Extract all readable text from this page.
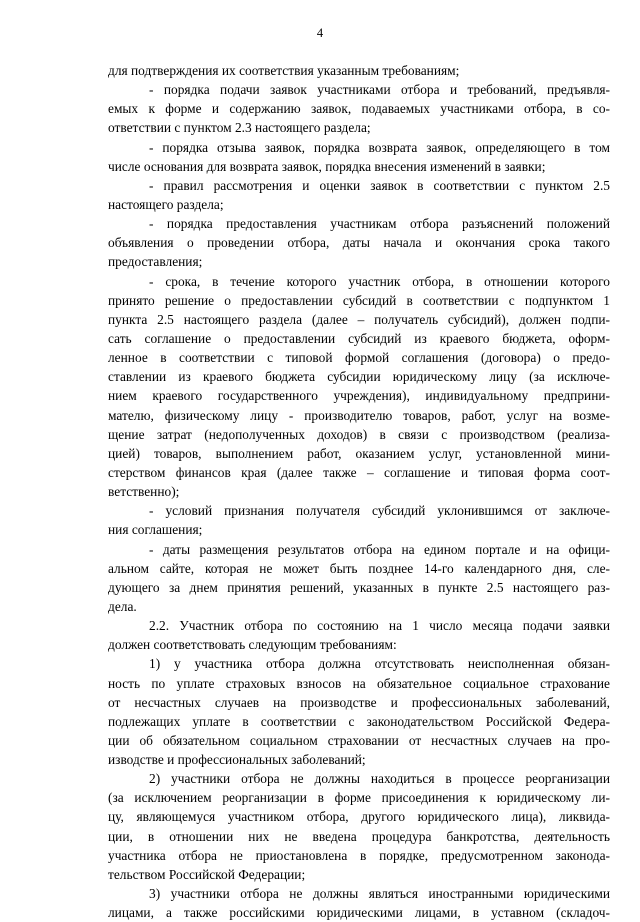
4
для подтверждения их соответствия указанным требованиям;
- порядка подачи заявок участниками отбора и требований, предъявля-
емых к форме и содержанию заявок, подаваемых участниками отбора, в со-
ответствии с пунктом 2.3 настоящего раздела;
- порядка отзыва заявок, порядка возврата заявок, определяющего в том
числе основания для возврата заявок, порядка внесения изменений в заявки;
- правил рассмотрения и оценки заявок в соответствии с пунктом 2.5
настоящего раздела;
- порядка предоставления участникам отбора разъяснений положений
объявления о проведении отбора, даты начала и окончания срока такого
предоставления;
- срока, в течение которого участник отбора, в отношении которого
принято решение о предоставлении субсидий в соответствии с подпунктом 1
пункта 2.5 настоящего раздела (далее – получатель субсидий), должен подпи-
сать соглашение о предоставлении субсидий из краевого бюджета, оформ-
ленное в соответствии с типовой формой соглашения (договора) о предо-
ставлении из краевого бюджета субсидии юридическому лицу (за исключе-
нием краевого государственного учреждения), индивидуальному предприни-
мателю, физическому лицу - производителю товаров, работ, услуг на возме-
щение затрат (недополученных доходов) в связи с производством (реализа-
цией) товаров, выполнением работ, оказанием услуг, установленной мини-
стерством финансов края (далее также – соглашение и типовая форма соот-
ветственно);
- условий признания получателя субсидий уклонившимся от заключе-
ния соглашения;
- даты размещения результатов отбора на едином портале и на офици-
альном сайте, которая не может быть позднее 14-го календарного дня, сле-
дующего за днем принятия решений, указанных в пункте 2.5 настоящего раз-
дела.
2.2. Участник отбора по состоянию на 1 число месяца подачи заявки
должен соответствовать следующим требованиям:
1) у участника отбора должна отсутствовать неисполненная обязан-
ность по уплате страховых взносов на обязательное социальное страхование
от несчастных случаев на производстве и профессиональных заболеваний,
подлежащих уплате в соответствии с законодательством Российской Федера-
ции об обязательном социальном страховании от несчастных случаев на про-
изводстве и профессиональных заболеваний;
2) участники отбора не должны находиться в процессе реорганизации
(за исключением реорганизации в форме присоединения к юридическому ли-
цу, являющемуся участником отбора, другого юридического лица), ликвида-
ции, в отношении них не введена процедура банкротства, деятельность
участника отбора не приостановлена в порядке, предусмотренном законода-
тельством Российской Федерации;
3) участники отбора не должны являться иностранными юридическими
лицами, а также российскими юридическими лицами, в уставном (складоч-
